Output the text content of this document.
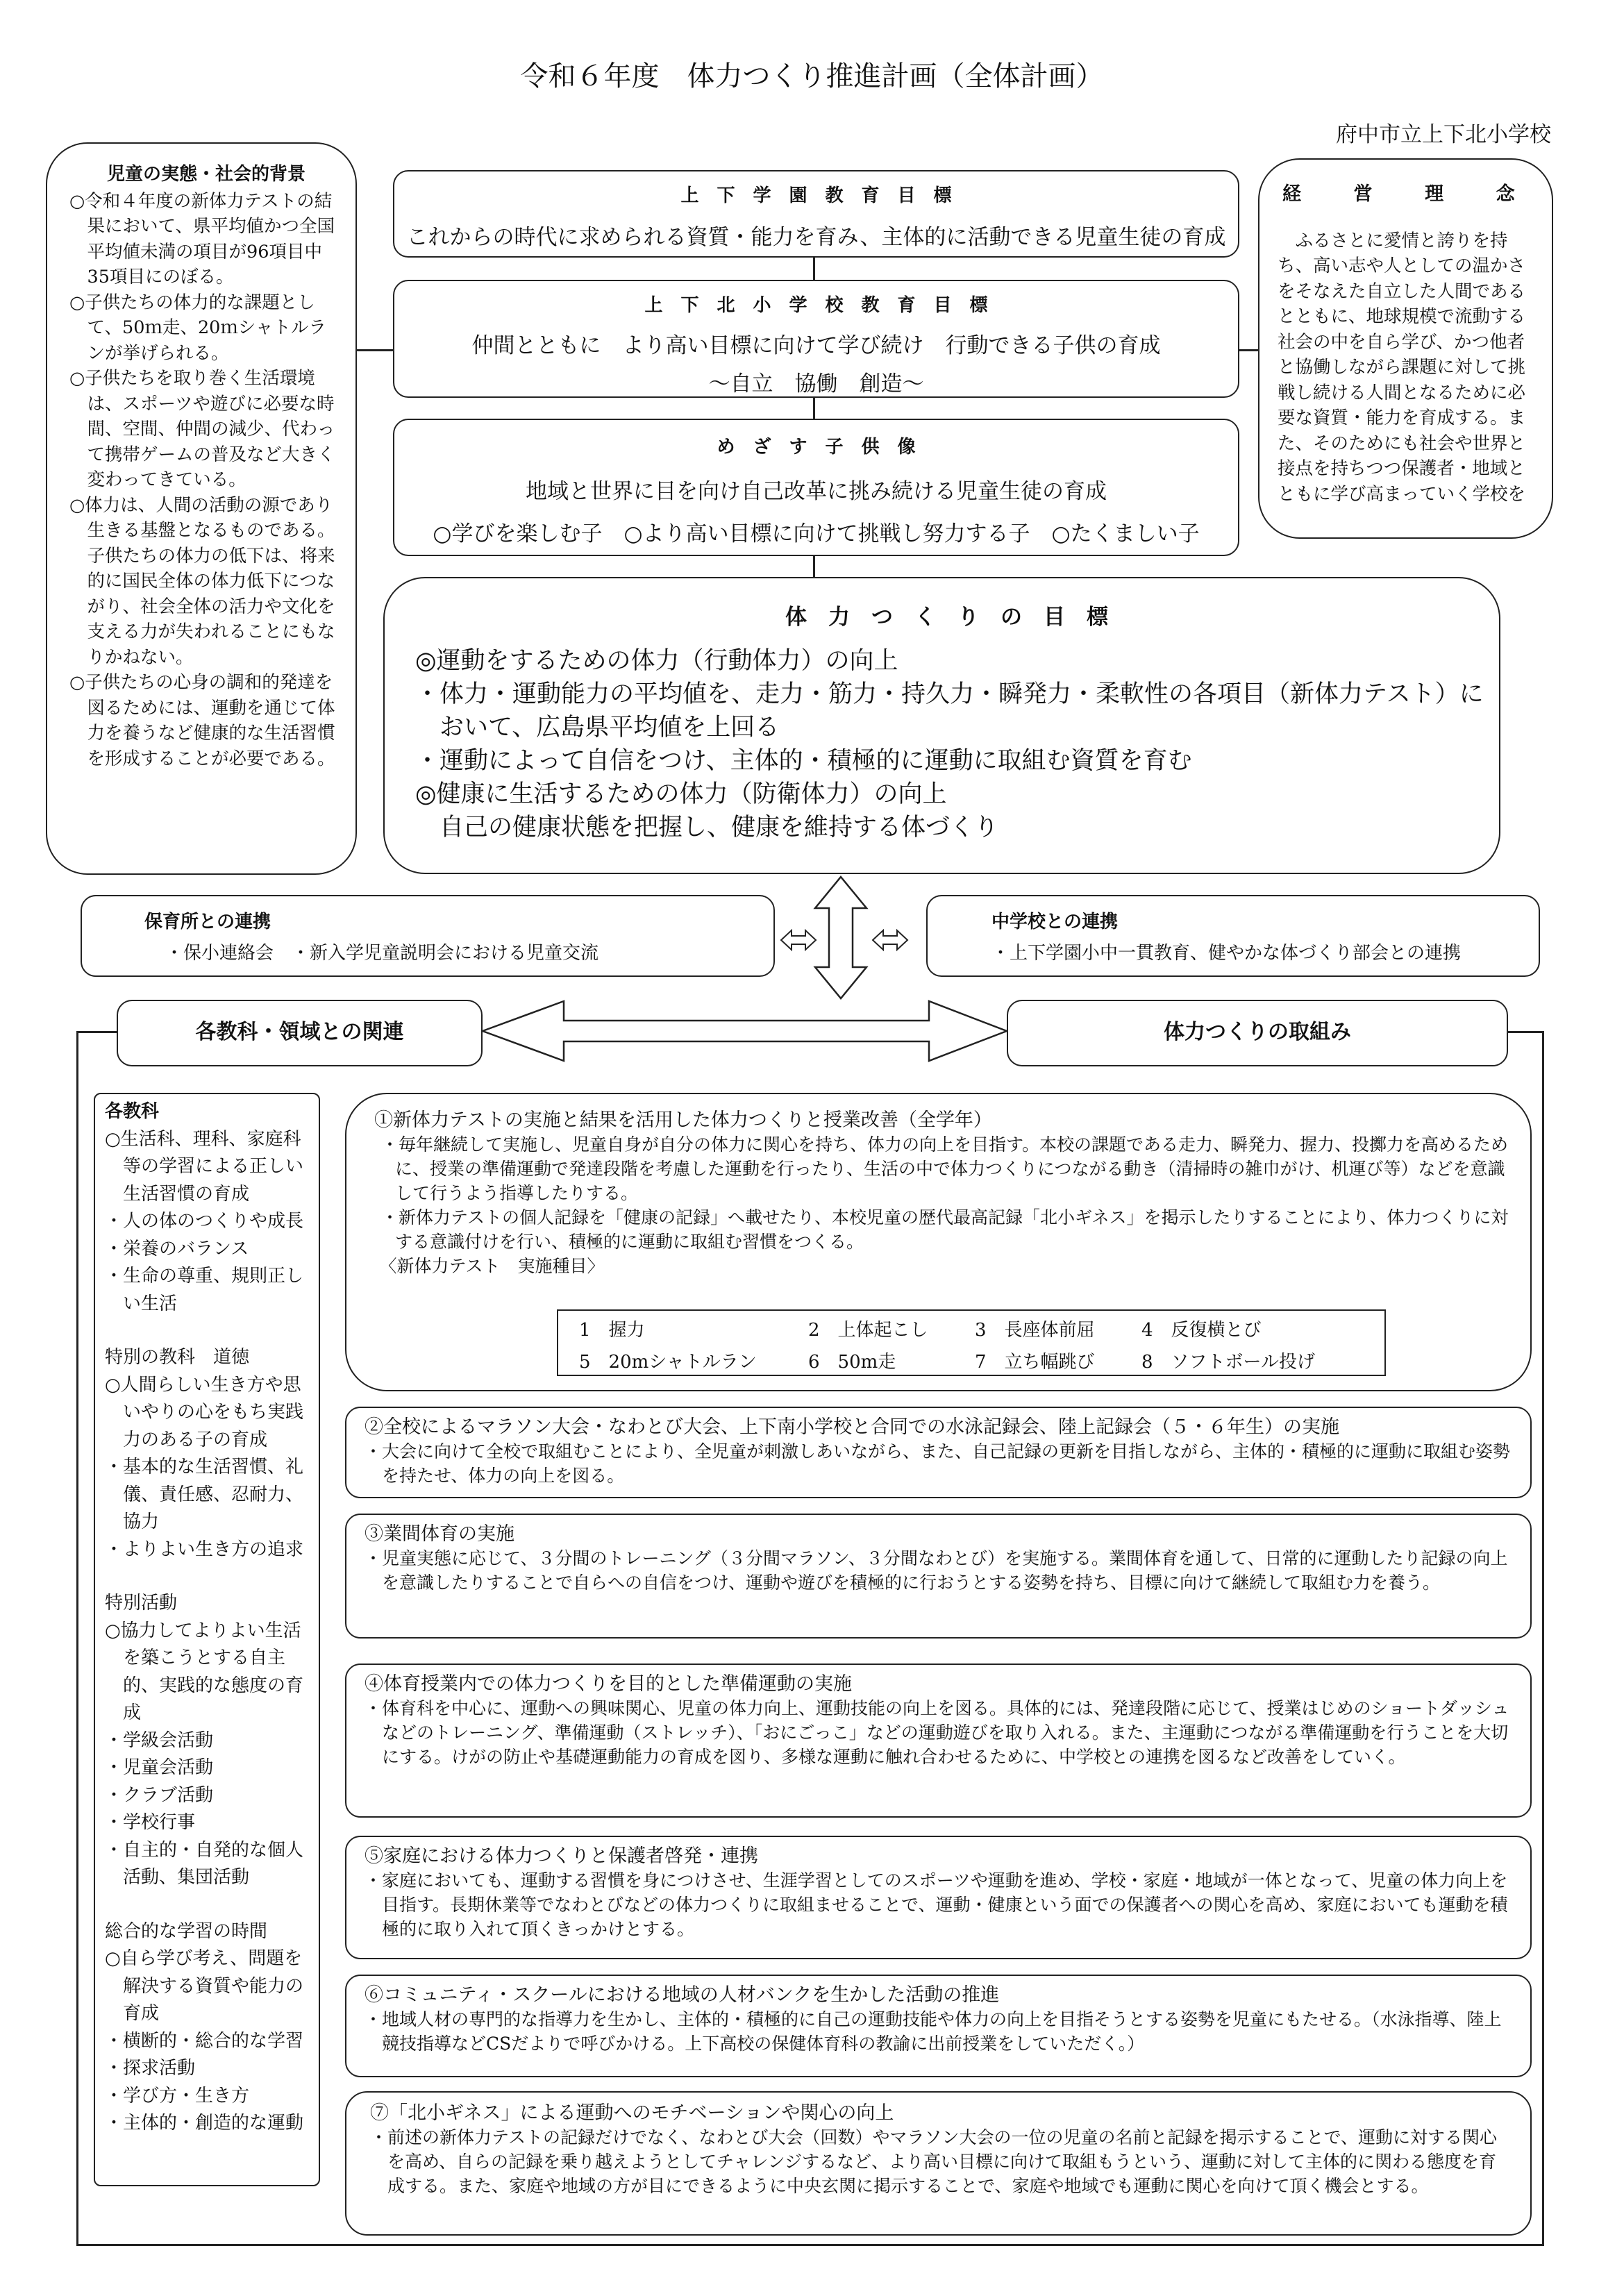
令和６年度　体力つくり推進計画（全体計画）
府中市立上下北小学校

児童の実態・社会的背景

○令和４年度の新体力テストの結果において、県平均値かつ全国平均値未満の項目が96項目中35項目にのぼる。

○子供たちの体力的な課題として、50ｍ走、20ｍシャトルランが挙げられる。

○子供たちを取り巻く生活環境は、スポーツや遊びに必要な時間、空間、仲間の減少、代わって携帯ゲームの普及など大きく変わってきている。

○体力は、人間の活動の源であり生きる基盤となるものである。子供たちの体力の低下は、将来的に国民全体の体力低下につながり、社会全体の活力や文化を支える力が失われることにもなりかねない。

○子供たちの心身の調和的発達を図るためには、運動を通じて体力を養うなど健康的な生活習慣を形成することが必要である。

経　営　理　念

ふるさとに愛情と誇りを持ち、高い志や人としての温かさをそなえた自立した人間であるとともに、地球規模で流動する社会の中を自ら学び、かつ他者と協働しながら課題に対して挑戦し続ける人間となるために必要な資質・能力を育成する。また、そのためにも社会や世界と接点を持ちつつ保護者・地域とともに学び高まっていく学校を

上　下　学　園　教　育　目　標
これからの時代に求められる資質・能力を育み、主体的に活動できる児童生徒の育成
上　下　北　小　学　校　教　育　目　標
仲間とともに　より高い目標に向けて学び続け　行動できる子供の育成
～自立　協働　創造～
め　ざ　す　子　供　像
地域と世界に目を向け自己改革に挑み続ける児童生徒の育成
○学びを楽しむ子　○より高い目標に向けて挑戦し努力する子　○たくましい子
体　力　つ　く　り　の　目　標
◎運動をするための体力（行動体力）の向上
・体力・運動能力の平均値を、走力・筋力・持久力・瞬発力・柔軟性の各項目（新体力テスト）に
　おいて、広島県平均値を上回る
・運動によって自信をつけ、主体的・積極的に運動に取組む資質を育む
◎健康に生活するための体力（防衛体力）の向上
　自己の健康状態を把握し、健康を維持する体づくり
保育所との連携
・保小連絡会　・新入学児童説明会における児童交流
中学校との連携
・上下学園小中一貫教育、健やかな体づくり部会との連携
各教科・領域との関連	体力つくりの取組み
各教科

○生活科、理科、家庭科等の学習による正しい生活習慣の育成

・人の体のつくりや成長

・栄養のバランス

・生命の尊重、規則正しい生活

特別の教科　道徳

○人間らしい生き方や思いやりの心をもち実践力のある子の育成

・基本的な生活習慣、礼儀、責任感、忍耐力、協力

・よりよい生き方の追求

特別活動

○協力してよりよい生活を築こうとする自主的、実践的な態度の育成

・学級会活動

・児童会活動

・クラブ活動

・学校行事

・自主的・自発的な個人活動、集団活動

総合的な学習の時間

○自ら学び考え、問題を解決する資質や能力の育成

・横断的・総合的な学習

・探求活動

・学び方・生き方

・主体的・創造的な運動

①新体力テストの実施と結果を活用した体力つくりと授業改善（全学年）

・毎年継続して実施し、児童自身が自分の体力に関心を持ち、体力の向上を目指す。本校の課題である走力、瞬発力、握力、投擲力を高めるために、授業の準備運動で発達段階を考慮した運動を行ったり、生活の中で体力つくりにつながる動き（清掃時の雑巾がけ、机運び等）などを意識して行うよう指導したりする。

・新体力テストの個人記録を「健康の記録」へ載せたり、本校児童の歴代最高記録「北小ギネス」を掲示したりすることにより、体力つくりに対する意識付けを行い、積極的に運動に取組む習慣をつくる。

〈新体力テスト　実施種目〉

1　握力	2　上体起こし	3　長座体前屈	4　反復横とび
5　20mシャトルラン	6　50m走	7　立ち幅跳び	8　ソフトボール投げ

②全校によるマラソン大会・なわとび大会、上下南小学校と合同での水泳記録会、陸上記録会（５・６年生）の実施

・大会に向けて全校で取組むことにより、全児童が刺激しあいながら、また、自己記録の更新を目指しながら、主体的・積極的に運動に取組む姿勢を持たせ、体力の向上を図る。

③業間体育の実施

・児童実態に応じて、３分間のトレーニング（３分間マラソン、３分間なわとび）を実施する。業間体育を通して、日常的に運動したり記録の向上を意識したりすることで自らへの自信をつけ、運動や遊びを積極的に行おうとする姿勢を持ち、目標に向けて継続して取組む力を養う。

④体育授業内での体力つくりを目的とした準備運動の実施

・体育科を中心に、運動への興味関心、児童の体力向上、運動技能の向上を図る。具体的には、発達段階に応じて、授業はじめのショートダッシュなどのトレーニング、準備運動（ストレッチ）、「おにごっこ」などの運動遊びを取り入れる。また、主運動につながる準備運動を行うことを大切にする。けがの防止や基礎運動能力の育成を図り、多様な運動に触れ合わせるために、中学校との連携を図るなど改善をしていく。

⑤家庭における体力つくりと保護者啓発・連携

・家庭においても、運動する習慣を身につけさせ、生涯学習としてのスポーツや運動を進め、学校・家庭・地域が一体となって、児童の体力向上を目指す。長期休業等でなわとびなどの体力つくりに取組ませることで、運動・健康という面での保護者への関心を高め、家庭においても運動を積極的に取り入れて頂くきっかけとする。

⑥コミュニティ・スクールにおける地域の人材バンクを生かした活動の推進

・地域人材の専門的な指導力を生かし、主体的・積極的に自己の運動技能や体力の向上を目指そうとする姿勢を児童にもたせる。（水泳指導、陸上競技指導などCSだよりで呼びかける。上下高校の保健体育科の教諭に出前授業をしていただく。）

⑦「北小ギネス」による運動へのモチベーションや関心の向上

・前述の新体力テストの記録だけでなく、なわとび大会（回数）やマラソン大会の一位の児童の名前と記録を掲示することで、運動に対する関心を高め、自らの記録を乗り越えようとしてチャレンジするなど、より高い目標に向けて取組もうという、運動に対して主体的に関わる態度を育成する。また、家庭や地域の方が目にできるように中央玄関に掲示することで、家庭や地域でも運動に関心を向けて頂く機会とする。
